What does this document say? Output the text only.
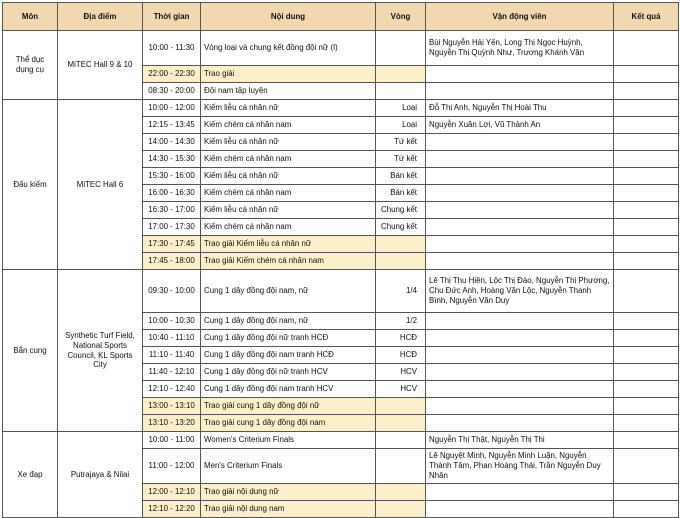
Môn	Địa điểm	Thời gian	Nội dung	Vòng	Vận động viên	Kết quả
Thể dục dụng cụ	MiTEC Hall 9 & 10	10:00 - 11:30	Vòng loại và chung kết đồng đội nữ (I)		Bùi Nguyễn Hải Yến, Long Thị Ngọc Huỳnh, Nguyễn Thị Quỳnh Như, Trương Khánh Vân	
		22:00 - 22:30	Trao giải			
		08:30 - 20:00	Đội nam tập luyện			
Đấu kiếm	MiTEC Hall 6	10:00 - 12:00	Kiếm liễu cá nhân nữ	Loại	Đỗ Thị Anh, Nguyễn Thị Hoài Thu	
		12:15 - 13:45	Kiếm chém cá nhân nam	Loại	Nguyễn Xuân Lợi, Vũ Thành An	
		14:00 - 14:30	Kiếm liễu cá nhân nữ	Tứ kết		
		14:30 - 15:30	Kiếm chém cá nhân nam	Tứ kết		
		15:30 - 16:00	Kiếm liễu cá nhân nữ	Bán kết		
		16:00 - 16:30	Kiếm chém cá nhân nam	Bán kết		
		16:30 - 17:00	Kiếm liễu cá nhân nữ	Chung kết		
		17:00 - 17:30	Kiếm chém cá nhân nam	Chung kết		
		17:30 - 17:45	Trao giải Kiếm liễu cá nhân nữ			
		17:45 - 18:00	Trao giải Kiếm chém cá nhân nam			
Bắn cung	Synthetic Turf Field, National Sports Council, KL Sports City	09:30 - 10:00	Cung 1 dây đồng đội nam, nữ	1/4	Lê Thị Thu Hiền, Lộc Thị Đào, Nguyễn Thị Phương, Chu Đức Anh, Hoàng Văn Lộc, Nguyễn Thanh Bình, Nguyễn Văn Duy	
		10:00 - 10:30	Cung 1 dây đồng đội nam, nữ	1/2		
		10:40 - 11:10	Cung 1 dây đồng đội nữ tranh HCĐ	HCĐ		
		11:10 - 11:40	Cung 1 dây đồng đội nam tranh HCĐ	HCĐ		
		11:40 - 12:10	Cung 1 dây đồng đội nữ tranh HCV	HCV		
		12:10 - 12:40	Cung 1 dây đồng đội nam tranh HCV	HCV		
		13:00 - 13:10	Trao giải cung 1 dây đồng đội nữ			
		13:10 - 13:20	Trao giải cung 1 dây đồng đội nam			
Xe đạp	Putrajaya & Nilai	10:00 - 11:00	Women's Criterium Finals		Nguyễn Thị Thật, Nguyễn Thị Thi	
		11:00 - 12:00	Men's Criterium Finals		Lê Nguyệt Minh, Nguyễn Minh Luận, Nguyễn Thành Tâm, Phan Hoàng Thái, Trần Nguyễn Duy Nhân	
		12:00 - 12:10	Trao giải nội dung nữ			
		12:10 - 12:20	Trao giải nội dung nam			
